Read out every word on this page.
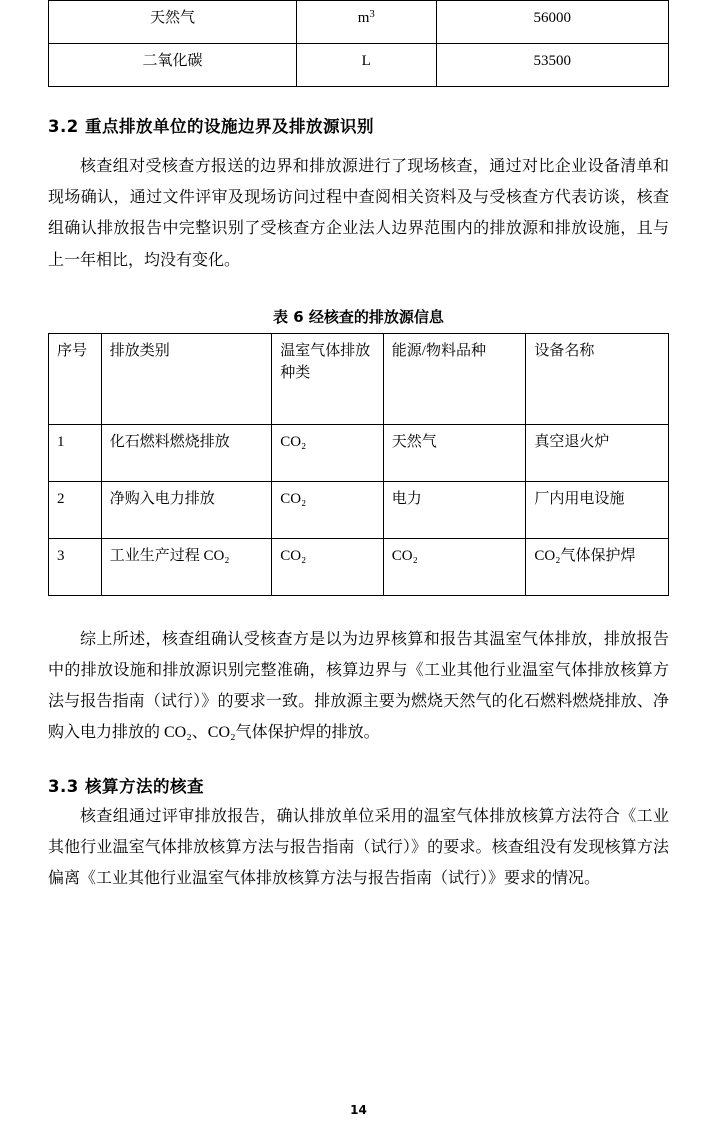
天然气	$m^3$	56000
二氧化碳	L	53500
3.2 重点排放单位的设施边界及排放源识别

核查组对受核查方报送的边界和排放源进行了现场核查，通过对比企业设备清单和现场确认，通过文件评审及现场访问过程中查阅相关资料及与受核查方代表访谈，核查组确认排放报告中完整识别了受核查方企业法人边界范围内的排放源和排放设施，且与上一年相比，均没有变化。

表 6 经核查的排放源信息
序号	排放类别	温室气体排放种类	能源/物料品种	设备名称
1	化石燃料燃烧排放	CO₂	天然气	真空退火炉
2	净购入电力排放	CO₂	电力	厂内用电设施
3	工业生产过程 CO₂	CO₂	CO₂	CO₂气体保护焊

综上所述，核查组确认受核查方是以为边界核算和报告其温室气体排放，排放报告中的排放设施和排放源识别完整准确，核算边界与《工业其他行业温室气体排放核算方法与报告指南（试行）》的要求一致。排放源主要为燃烧天然气的化石燃料燃烧排放、净购入电力排放的 CO₂、CO₂气体保护焊的排放。

3.3 核算方法的核查

核查组通过评审排放报告，确认排放单位采用的温室气体排放核算方法符合《工业其他行业温室气体排放核算方法与报告指南（试行）》的要求。核查组没有发现核算方法偏离《工业其他行业温室气体排放核算方法与报告指南（试行）》要求的情况。

14
